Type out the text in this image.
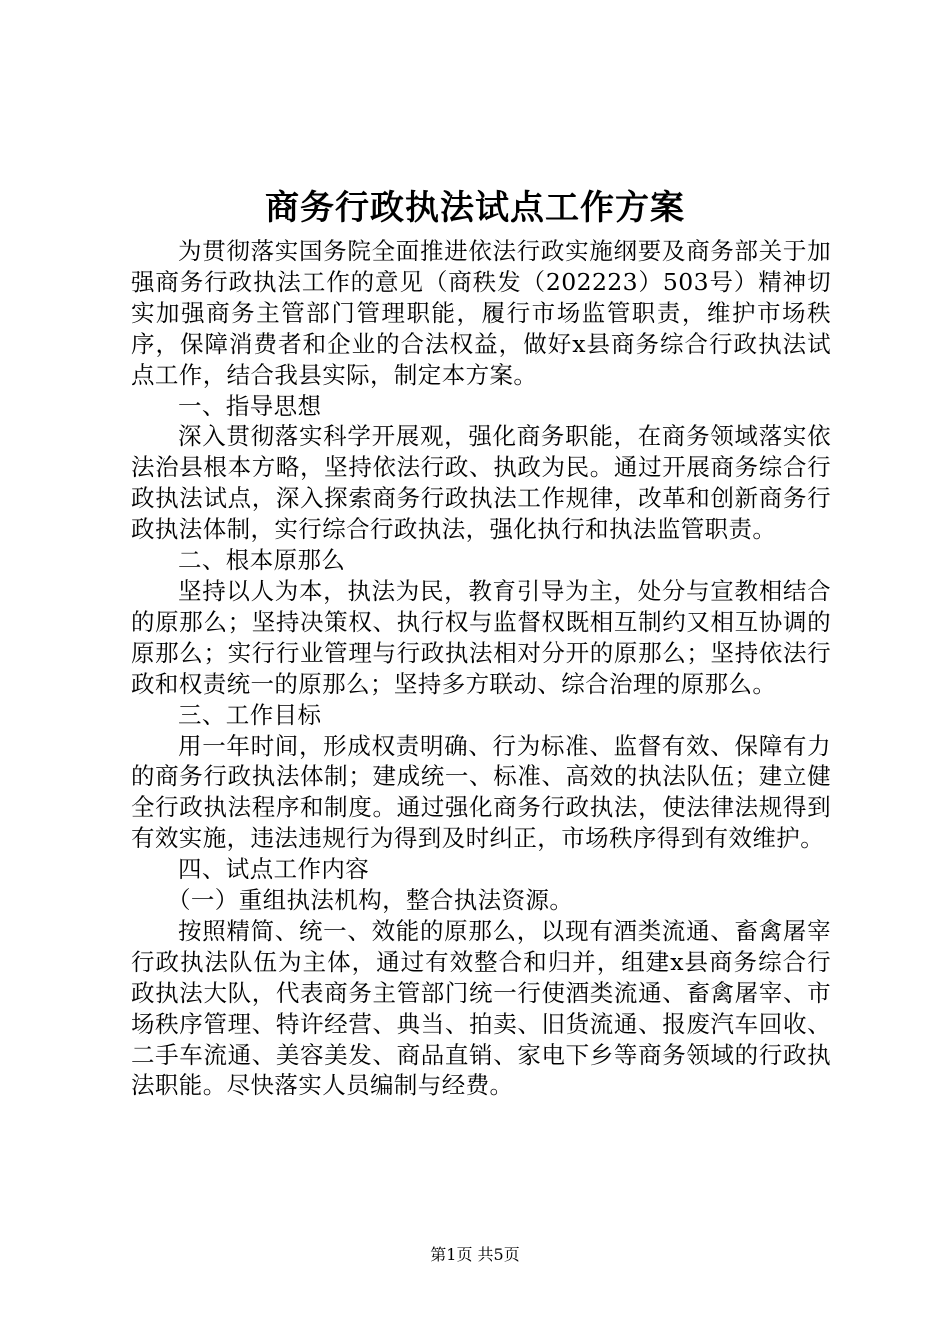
商务行政执法试点工作方案

为贯彻落实国务院全面推进依法行政实施纲要及商务部关于加强商务行政执法工作的意见（商秩发（202223）503号）精神切实加强商务主管部门管理职能，履行市场监管职责，维护市场秩序，保障消费者和企业的合法权益，做好x县商务综合行政执法试点工作，结合我县实际，制定本方案。

一、指导思想

深入贯彻落实科学开展观，强化商务职能，在商务领域落实依法治县根本方略，坚持依法行政、执政为民。通过开展商务综合行政执法试点，深入探索商务行政执法工作规律，改革和创新商务行政执法体制，实行综合行政执法，强化执行和执法监管职责。

二、根本原那么

坚持以人为本，执法为民，教育引导为主，处分与宣教相结合的原那么；坚持决策权、执行权与监督权既相互制约又相互协调的原那么；实行行业管理与行政执法相对分开的原那么；坚持依法行政和权责统一的原那么；坚持多方联动、综合治理的原那么。

三、工作目标

用一年时间，形成权责明确、行为标准、监督有效、保障有力的商务行政执法体制；建成统一、标准、高效的执法队伍；建立健全行政执法程序和制度。通过强化商务行政执法，使法律法规得到有效实施，违法违规行为得到及时纠正，市场秩序得到有效维护。

四、试点工作内容

（一）重组执法机构，整合执法资源。

按照精简、统一、效能的原那么，以现有酒类流通、畜禽屠宰行政执法队伍为主体，通过有效整合和归并，组建x县商务综合行政执法大队，代表商务主管部门统一行使酒类流通、畜禽屠宰、市场秩序管理、特许经营、典当、拍卖、旧货流通、报废汽车回收、二手车流通、美容美发、商品直销、家电下乡等商务领域的行政执法职能。尽快落实人员编制与经费。

第1页 共5页
